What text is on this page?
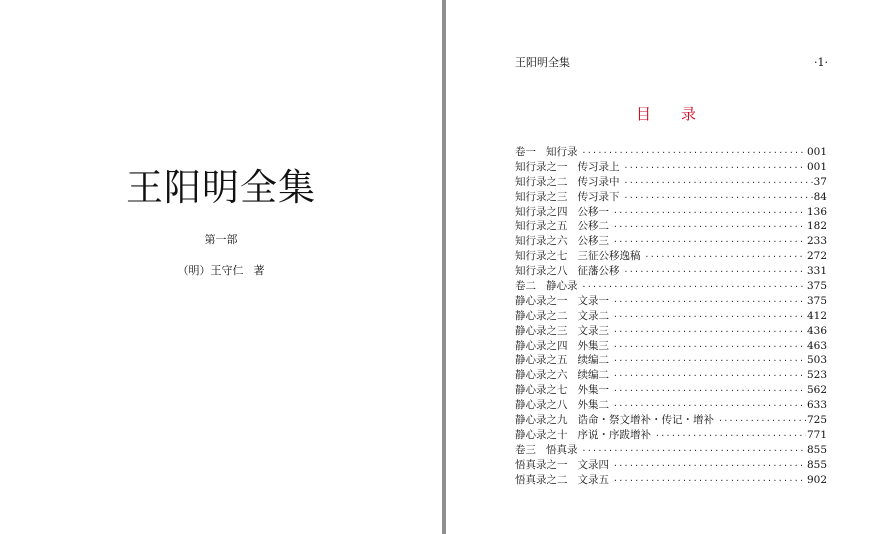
王阳明全集
第一部
（明）王守仁 著
王阳明全集	·1·
目 录
卷一 知行录 ·····	001
知行录之一 传习录上 ·····	001
知行录之二 传习录中 ·····	37
知行录之三 传习录下 ·····	84
知行录之四 公移一 ·····	136
知行录之五 公移二 ·····	182
知行录之六 公移三 ·····	233
知行录之七 三征公移逸稿 ·····	272
知行录之八 征藩公移 ·····	331
卷二 静心录 ·····	375
静心录之一 文录一 ·····	375
静心录之二 文录二 ·····	412
静心录之三 文录三 ·····	436
静心录之四 外集三 ·····	463
静心录之五 续编二 ·····	503
静心录之六 续编二 ·····	523
静心录之七 外集一 ·····	562
静心录之八 外集二 ·····	633
静心录之九 诰命・祭文增补・传记・增补 ·····	725
静心录之十 序说・序跋增补 ·····	771
卷三 悟真录 ·····	855
悟真录之一 文录四 ·····	855
悟真录之二 文录五 ·····	902
